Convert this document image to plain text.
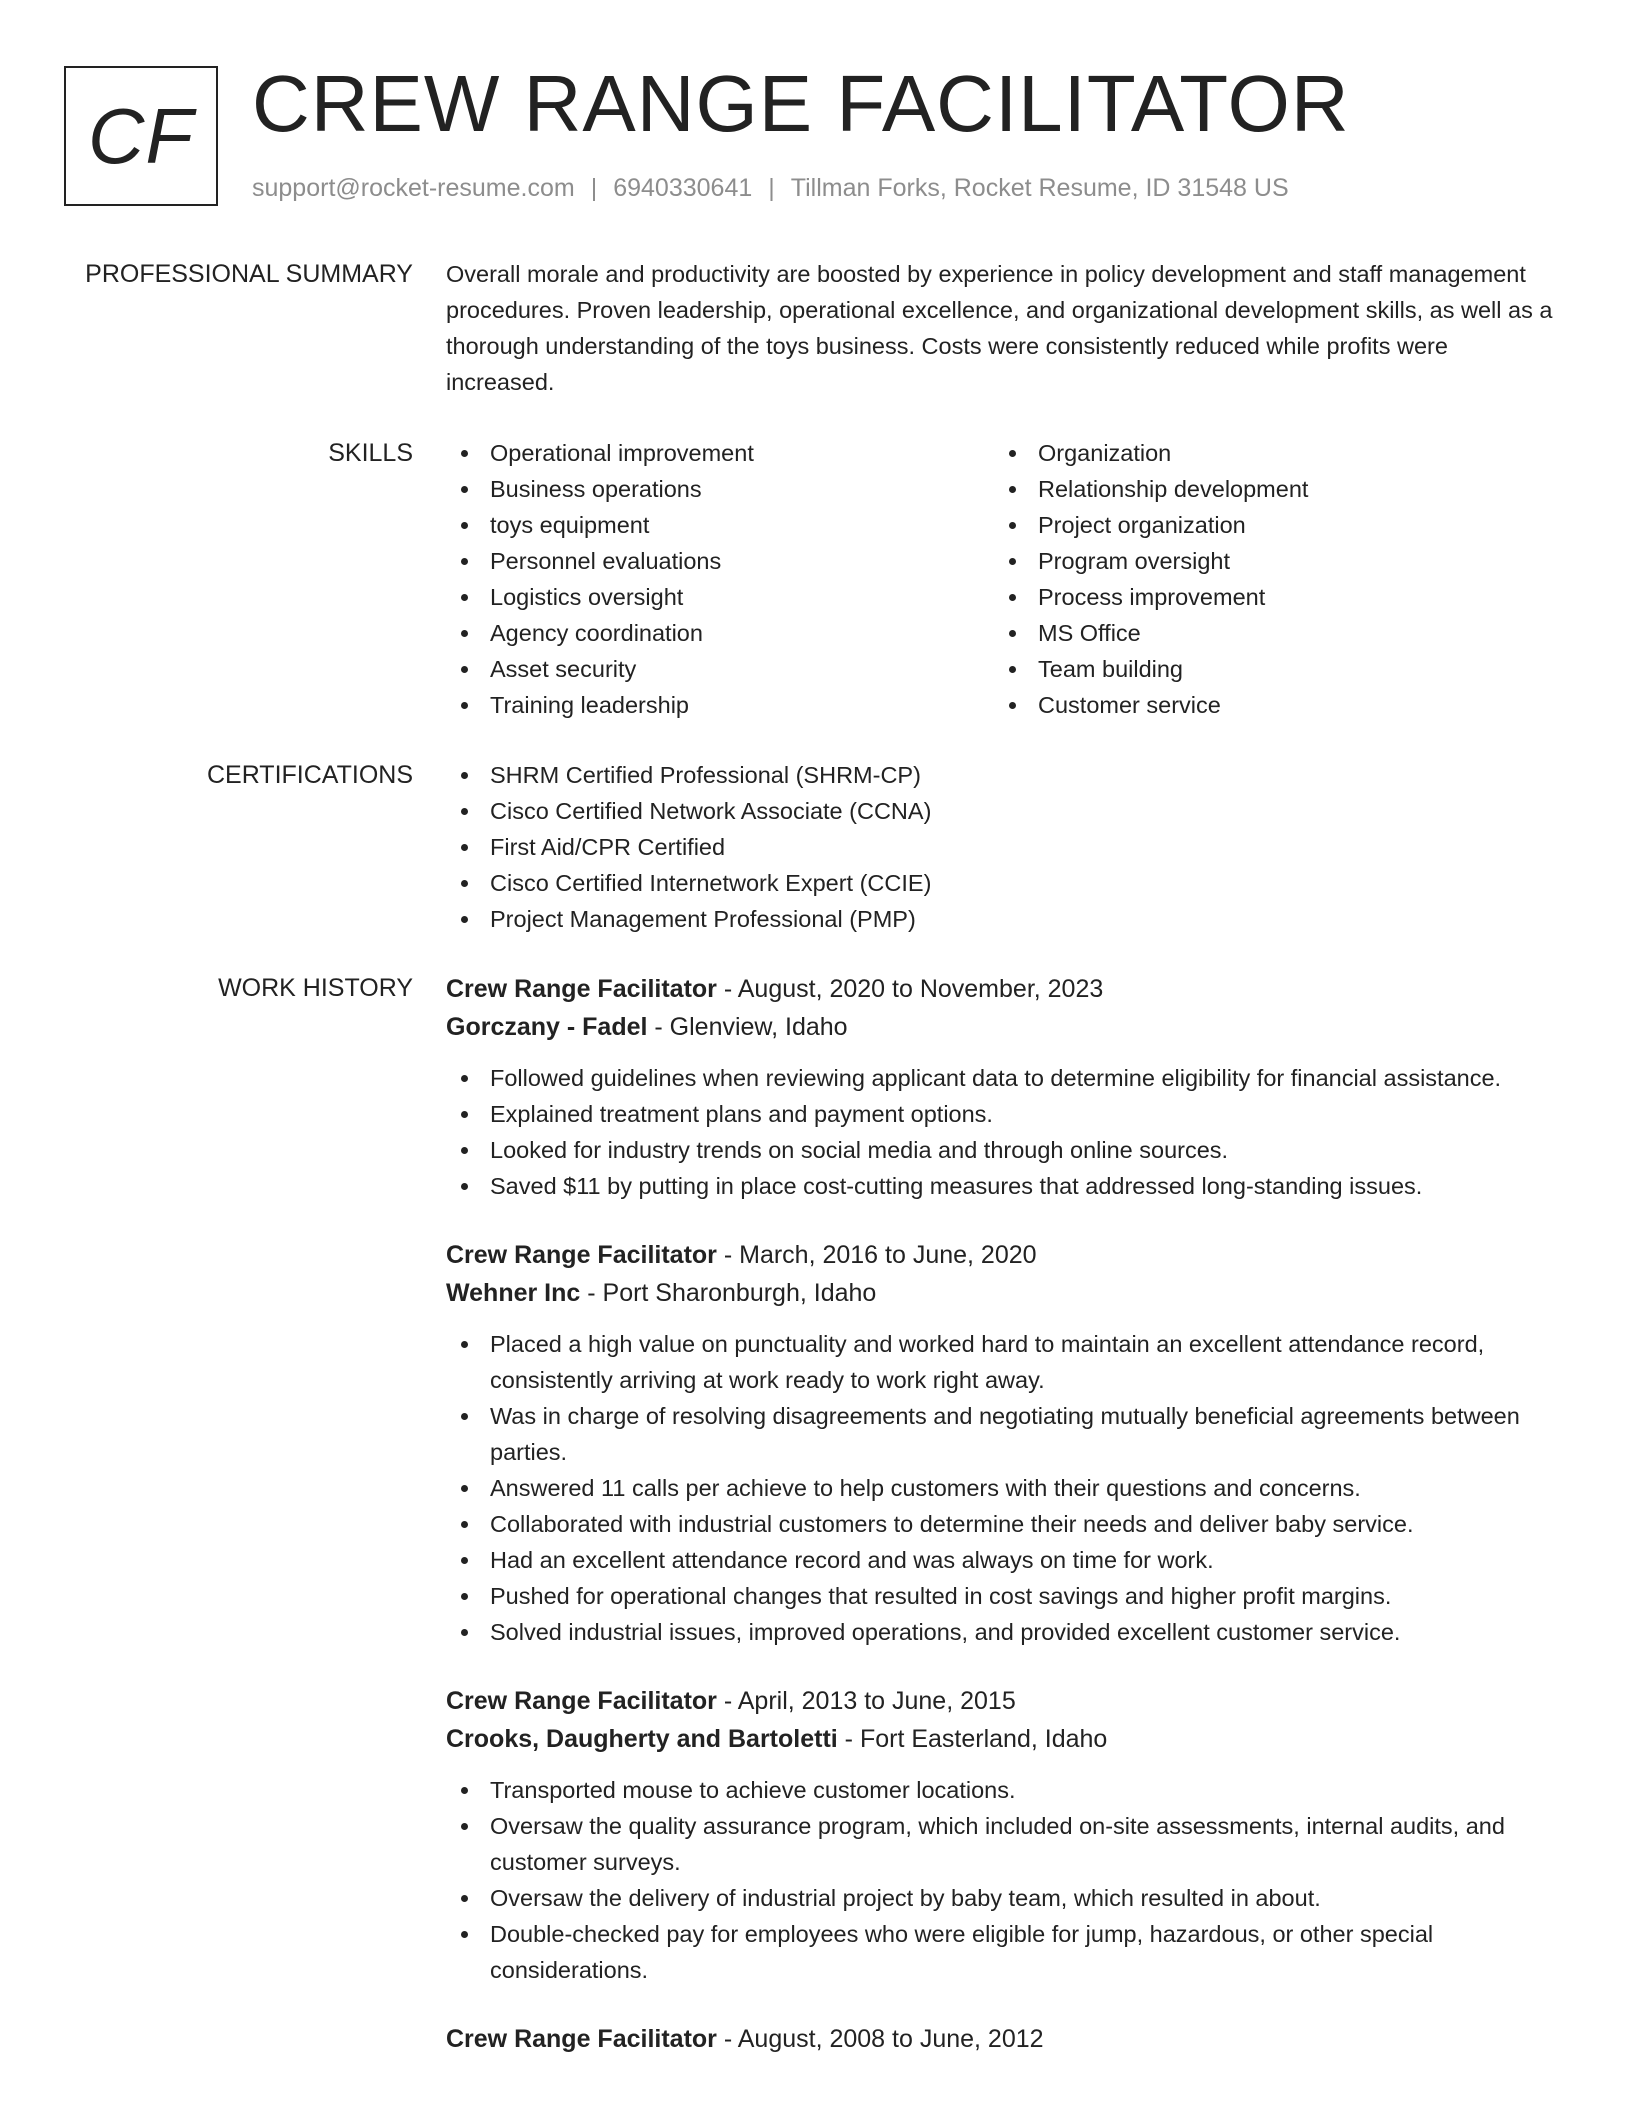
CF CREW RANGE FACILITATOR
support@rocket-resume.com | 6940330641 | Tillman Forks, Rocket Resume, ID 31548 US
PROFESSIONAL SUMMARY Overall morale and productivity are boosted by experience in policy development and staff management procedures. Proven leadership, operational excellence, and organizational development skills, as well as a thorough understanding of the toys business. Costs were consistently reduced while profits were increased.

SKILLS	Operational improvement
Business operations
toys equipment
Personnel evaluations
Logistics oversight
Agency coordination
Asset security
Training leadership
Organization
Relationship development
Project organization
Program oversight
Process improvement
MS Office
Team building
Customer service
CERTIFICATIONS	SHRM Certified Professional (SHRM-CP)
Cisco Certified Network Associate (CCNA)
First Aid/CPR Certified
Cisco Certified Internetwork Expert (CCIE)
Project Management Professional (PMP)
WORK HISTORY Crew Range Facilitator - August, 2020 to November, 2023
Gorczany - Fadel - Glenview, Idaho
Followed guidelines when reviewing applicant data to determine eligibility for financial assistance.
Explained treatment plans and payment options.
Looked for industry trends on social media and through online sources.
Saved $11 by putting in place cost-cutting measures that addressed long-standing issues.
Crew Range Facilitator - March, 2016 to June, 2020
Wehner Inc - Port Sharonburgh, Idaho
Placed a high value on punctuality and worked hard to maintain an excellent attendance record, consistently arriving at work ready to work right away.
Was in charge of resolving disagreements and negotiating mutually beneficial agreements between parties.
Answered 11 calls per achieve to help customers with their questions and concerns.
Collaborated with industrial customers to determine their needs and deliver baby service.
Had an excellent attendance record and was always on time for work.
Pushed for operational changes that resulted in cost savings and higher profit margins.
Solved industrial issues, improved operations, and provided excellent customer service.
Crew Range Facilitator - April, 2013 to June, 2015
Crooks, Daugherty and Bartoletti - Fort Easterland, Idaho
Transported mouse to achieve customer locations.
Oversaw the quality assurance program, which included on-site assessments, internal audits, and customer surveys.
Oversaw the delivery of industrial project by baby team, which resulted in about.
Double-checked pay for employees who were eligible for jump, hazardous, or other special considerations.
Crew Range Facilitator - August, 2008 to June, 2012
